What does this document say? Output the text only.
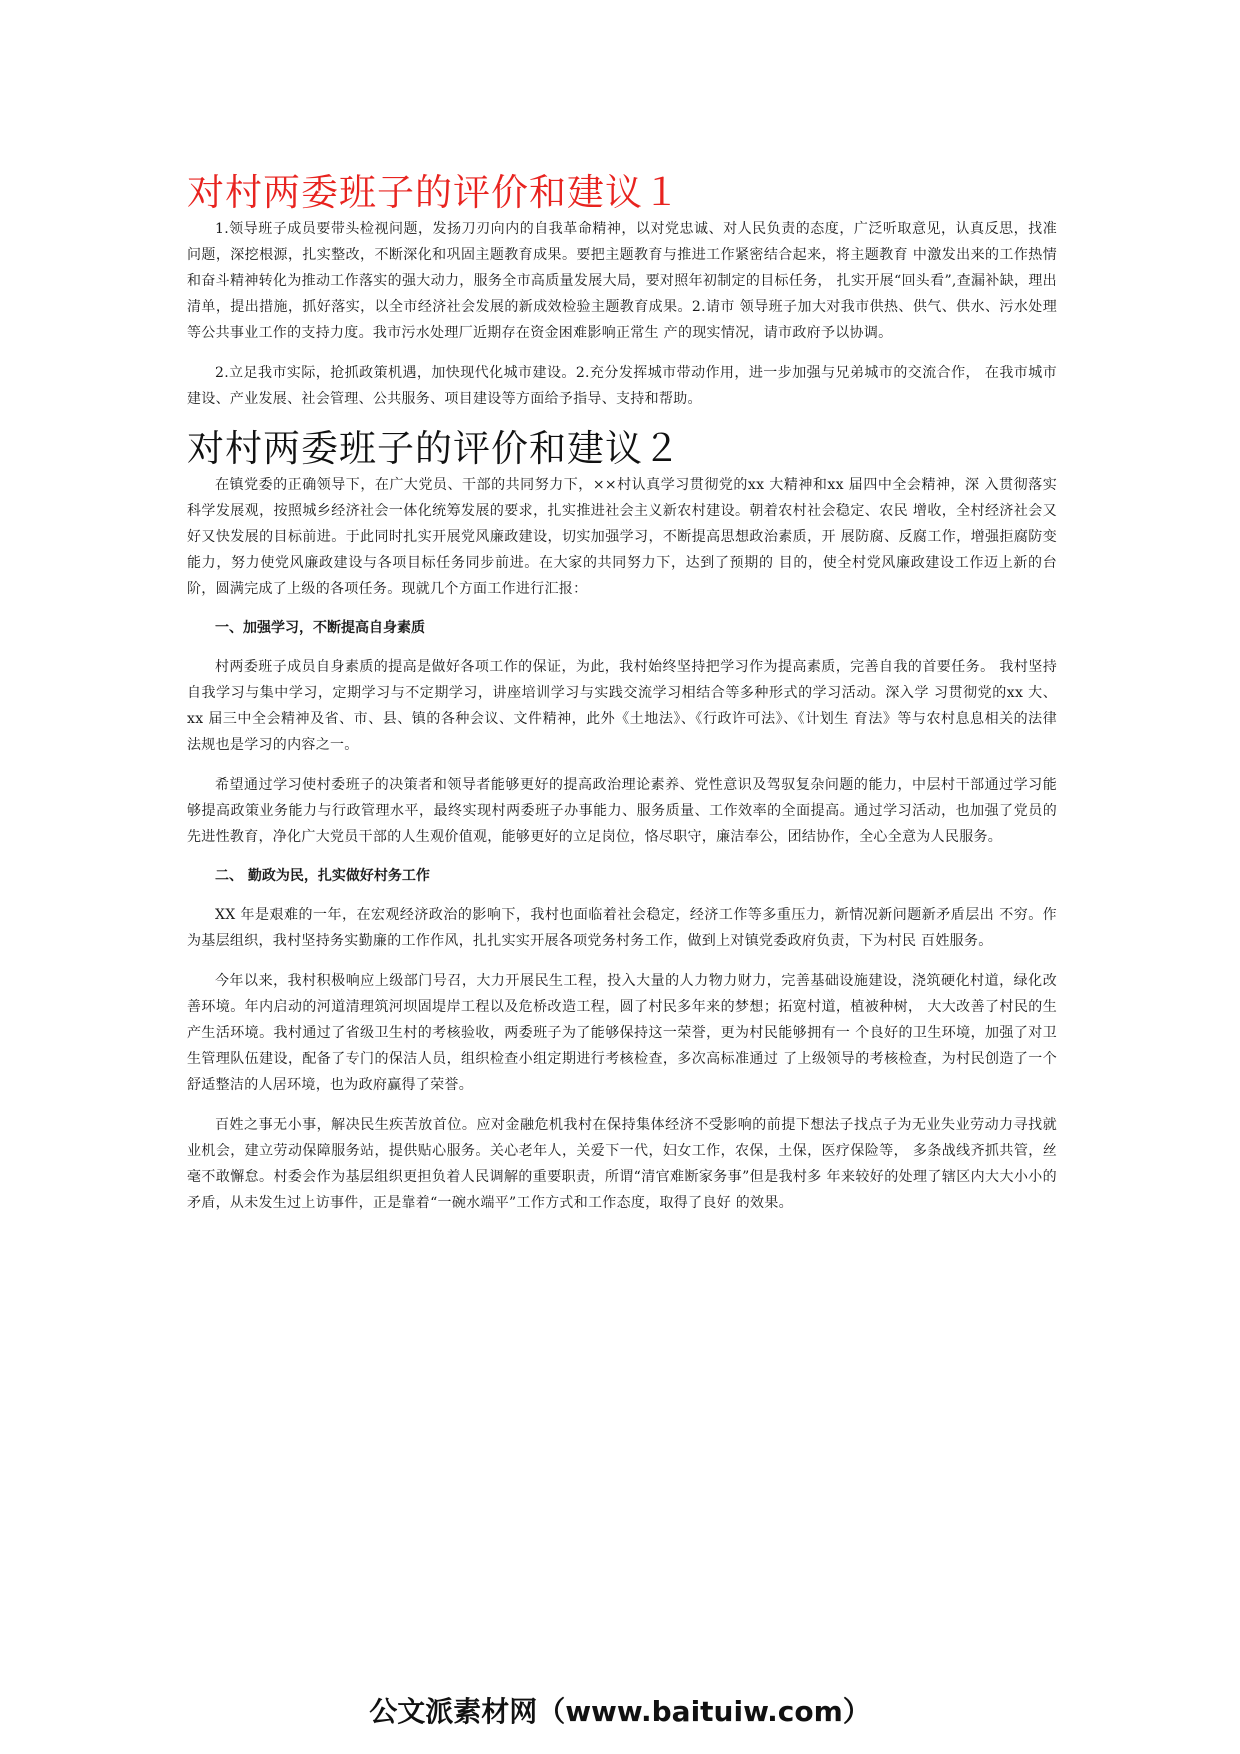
对村两委班子的评价和建议１

1.领导班子成员要带头检视问题，发扬刀刃向内的自我革命精神，以对党忠诚、对人民负责的态度，广泛听取意见，认真反思，找准问题，深挖根源，扎实整改，不断深化和巩固主题教育成果。要把主题教育与推进工作紧密结合起来，将主题教育 中激发出来的工作热情和奋斗精神转化为推动工作落实的强大动力，服务全市高质量发展大局，要对照年初制定的目标任务， 扎实开展“回头看”,查漏补缺，理出清单，提出措施，抓好落实，以全市经济社会发展的新成效检验主题教育成果。2.请市 领导班子加大对我市供热、供气、供水、污水处理等公共事业工作的支持力度。我市污水处理厂近期存在资金困难影响正常生 产的现实情况，请市政府予以协调。

2.立足我市实际，抢抓政策机遇，加快现代化城市建设。2.充分发挥城市带动作用，进一步加强与兄弟城市的交流合作， 在我市城市建设、产业发展、社会管理、公共服务、项目建设等方面给予指导、支持和帮助。

对村两委班子的评价和建议２

在镇党委的正确领导下，在广大党员、干部的共同努力下，××村认真学习贯彻党的xx 大精神和xx 届四中全会精神，深 入贯彻落实科学发展观，按照城乡经济社会一体化统筹发展的要求，扎实推进社会主义新农村建设。朝着农村社会稳定、农民 增收，全村经济社会又好又快发展的目标前进。于此同时扎实开展党风廉政建设，切实加强学习，不断提高思想政治素质，开 展防腐、反腐工作，增强拒腐防变能力，努力使党风廉政建设与各项目标任务同步前进。在大家的共同努力下，达到了预期的 目的，使全村党风廉政建设工作迈上新的台阶，圆满完成了上级的各项任务。现就几个方面工作进行汇报：

一、加强学习，不断提高自身素质

村两委班子成员自身素质的提高是做好各项工作的保证，为此，我村始终坚持把学习作为提高素质，完善自我的首要任务。 我村坚持自我学习与集中学习，定期学习与不定期学习，讲座培训学习与实践交流学习相结合等多种形式的学习活动。深入学 习贯彻党的xx 大、xx 届三中全会精神及省、市、县、镇的各种会议、文件精神，此外《土地法》、《行政许可法》、《计划生 育法》等与农村息息相关的法律法规也是学习的内容之一。

希望通过学习使村委班子的决策者和领导者能够更好的提高政治理论素养、党性意识及驾驭复杂问题的能力，中层村干部通过学习能够提高政策业务能力与行政管理水平，最终实现村两委班子办事能力、服务质量、工作效率的全面提高。通过学习活动，也加强了党员的先进性教育，净化广大党员干部的人生观价值观，能够更好的立足岗位，恪尽职守，廉洁奉公，团结协作，全心全意为人民服务。

二、 勤政为民，扎实做好村务工作

XX 年是艰难的一年，在宏观经济政治的影响下，我村也面临着社会稳定，经济工作等多重压力，新情况新问题新矛盾层出 不穷。作为基层组织，我村坚持务实勤廉的工作作风，扎扎实实开展各项党务村务工作，做到上对镇党委政府负责，下为村民 百姓服务。

今年以来，我村积极响应上级部门号召，大力开展民生工程，投入大量的人力物力财力，完善基础设施建设，浇筑硬化村道，绿化改善环境。年内启动的河道清理筑河坝固堤岸工程以及危桥改造工程，圆了村民多年来的梦想；拓宽村道，植被种树， 大大改善了村民的生产生活环境。我村通过了省级卫生村的考核验收，两委班子为了能够保持这一荣誉，更为村民能够拥有一 个良好的卫生环境，加强了对卫生管理队伍建设，配备了专门的保洁人员，组织检查小组定期进行考核检查，多次高标准通过 了上级领导的考核检查，为村民创造了一个舒适整洁的人居环境，也为政府赢得了荣誉。

百姓之事无小事，解决民生疾苦放首位。应对金融危机我村在保持集体经济不受影响的前提下想法子找点子为无业失业劳动力寻找就业机会，建立劳动保障服务站，提供贴心服务。关心老年人，关爱下一代，妇女工作，农保，土保，医疗保险等， 多条战线齐抓共管，丝毫不敢懈怠。村委会作为基层组织更担负着人民调解的重要职责，所谓“清官难断家务事”但是我村多 年来较好的处理了辖区内大大小小的矛盾，从未发生过上访事件，正是靠着“一碗水端平”工作方式和工作态度，取得了良好 的效果。

公文派素材网（www.baituiw.com）
